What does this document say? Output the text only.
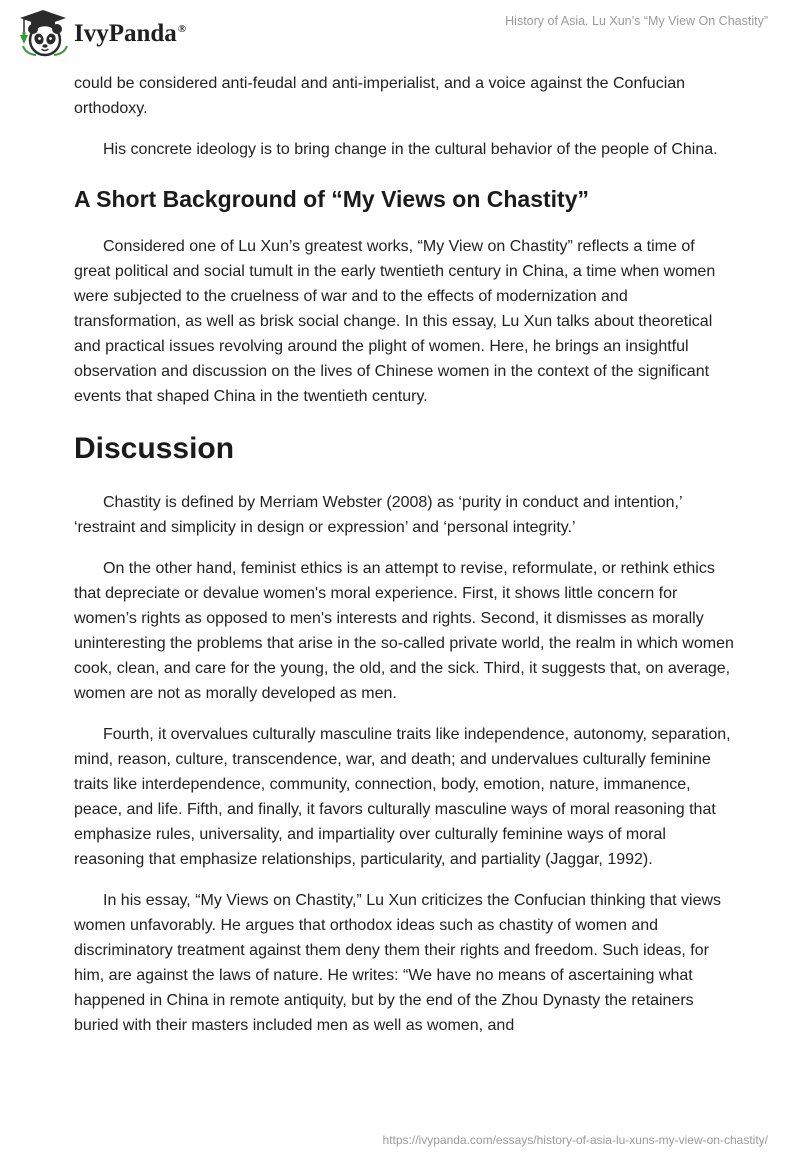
IvyPanda®
History of Asia. Lu Xun’s “My View On Chastity”

could be considered anti-feudal and anti-imperialist, and a voice against the Confucian orthodoxy.

His concrete ideology is to bring change in the cultural behavior of the people of China.

A Short Background of “My Views on Chastity”

Considered one of Lu Xun’s greatest works, “My View on Chastity” reflects a time of great political and social tumult in the early twentieth century in China, a time when women were subjected to the cruelness of war and to the effects of modernization and transformation, as well as brisk social change. In this essay, Lu Xun talks about theoretical and practical issues revolving around the plight of women. Here, he brings an insightful observation and discussion on the lives of Chinese women in the context of the significant events that shaped China in the twentieth century.

Discussion

Chastity is defined by Merriam Webster (2008) as ‘purity in conduct and intention,’ ‘restraint and simplicity in design or expression’ and ‘personal integrity.’

On the other hand, feminist ethics is an attempt to revise, reformulate, or rethink ethics that depreciate or devalue women's moral experience. First, it shows little concern for women’s rights as opposed to men's interests and rights. Second, it dismisses as morally uninteresting the problems that arise in the so-called private world, the realm in which women cook, clean, and care for the young, the old, and the sick. Third, it suggests that, on average, women are not as morally developed as men.

Fourth, it overvalues culturally masculine traits like independence, autonomy, separation, mind, reason, culture, transcendence, war, and death; and undervalues culturally feminine traits like interdependence, community, connection, body, emotion, nature, immanence, peace, and life. Fifth, and finally, it favors culturally masculine ways of moral reasoning that emphasize rules, universality, and impartiality over culturally feminine ways of moral reasoning that emphasize relationships, particularity, and partiality (Jaggar, 1992).

In his essay, “My Views on Chastity,” Lu Xun criticizes the Confucian thinking that views women unfavorably. He argues that orthodox ideas such as chastity of women and discriminatory treatment against them deny them their rights and freedom. Such ideas, for him, are against the laws of nature. He writes: “We have no means of ascertaining what happened in China in remote antiquity, but by the end of the Zhou Dynasty the retainers buried with their masters included men as well as women, and

https://ivypanda.com/essays/history-of-asia-lu-xuns-my-view-on-chastity/
